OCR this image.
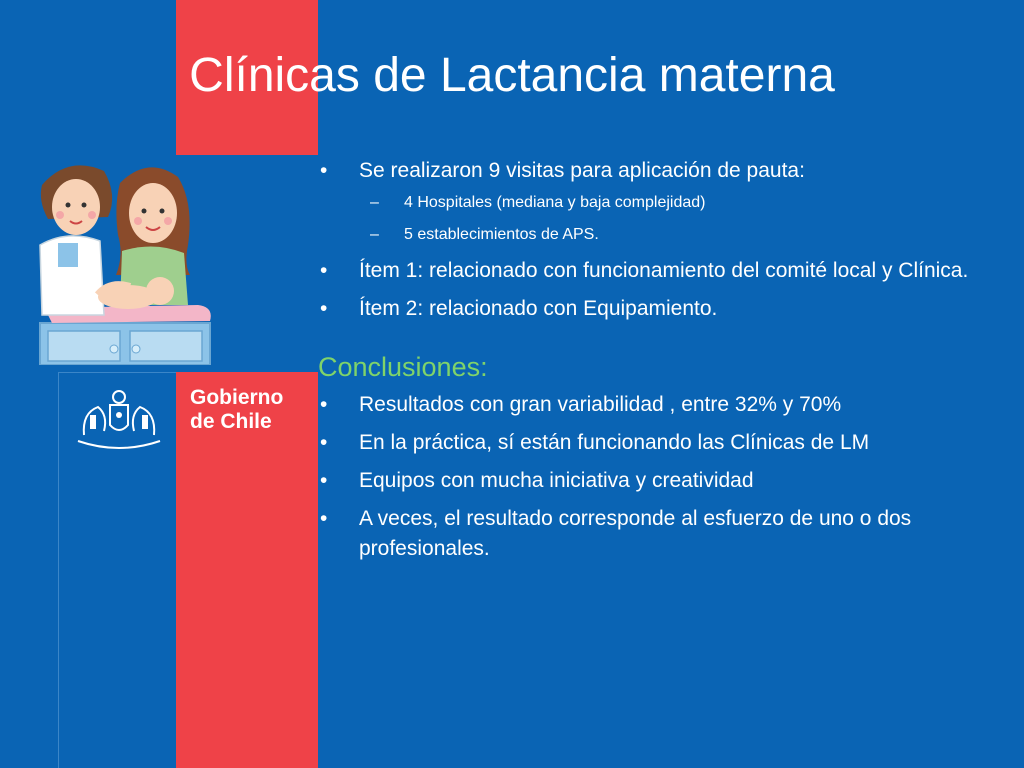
Clínicas de Lactancia materna
Gobierno
de Chile
• Se realizaron 9 visitas para aplicación de pauta:
– 4 Hospitales (mediana y baja complejidad)
– 5 establecimientos de APS.
• Ítem 1: relacionado con funcionamiento del comité local y Clínica.
• Ítem 2: relacionado con Equipamiento.
Conclusiones:
• Resultados con gran variabilidad , entre 32% y 70%
• En la práctica, sí están funcionando las Clínicas de LM
• Equipos con mucha iniciativa y creatividad
• A veces, el resultado corresponde al esfuerzo de uno o dos profesionales.
